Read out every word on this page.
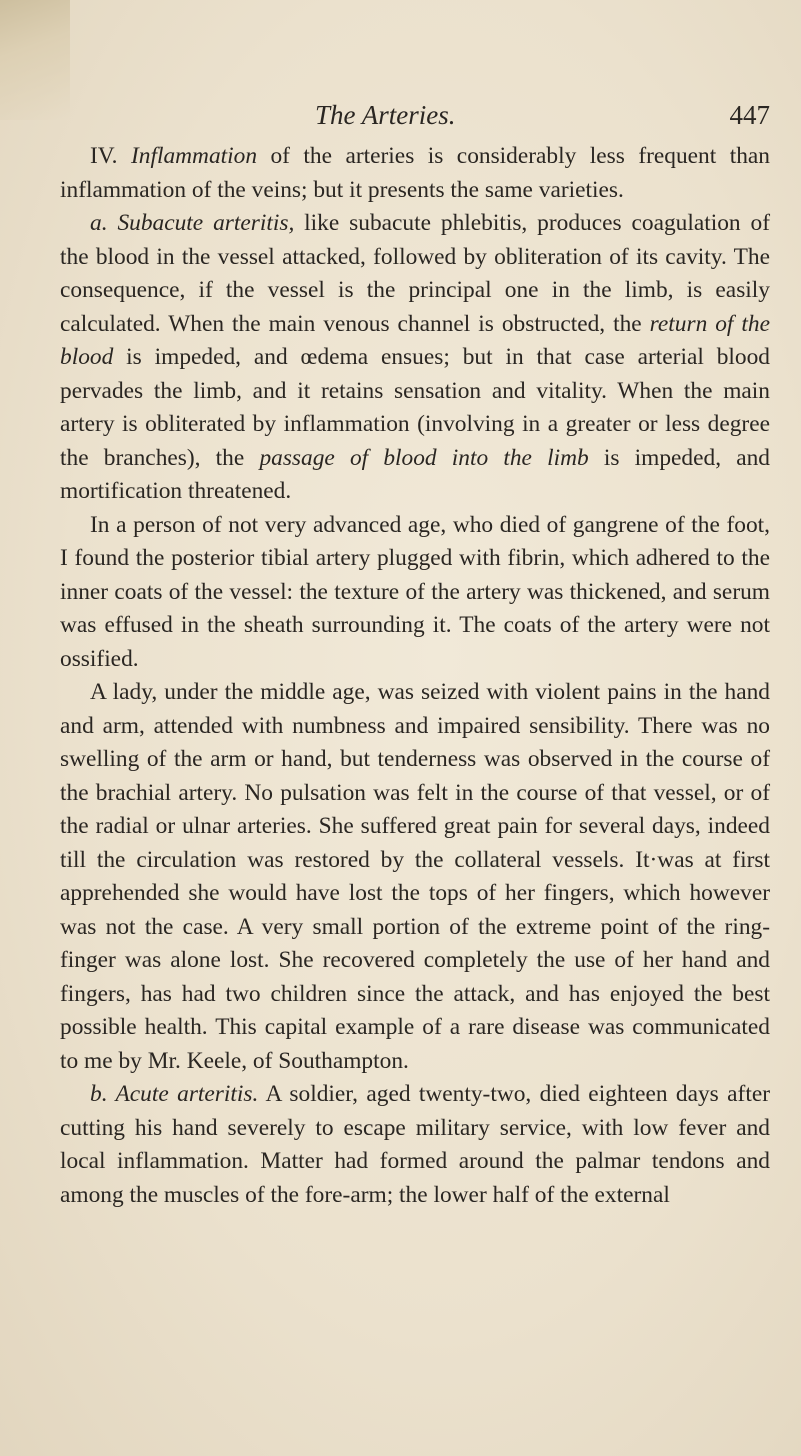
The Arteries.	447

IV. Inflammation of the arteries is considerably less frequent than inflammation of the veins; but it presents the same varieties.

a. Subacute arteritis, like subacute phlebitis, produces coagulation of the blood in the vessel attacked, followed by obliteration of its cavity. The consequence, if the vessel is the principal one in the limb, is easily calculated. When the main venous channel is obstructed, the return of the blood is impeded, and œdema ensues; but in that case arterial blood pervades the limb, and it retains sensation and vitality. When the main artery is obliterated by inflammation (involving in a greater or less degree the branches), the passage of blood into the limb is impeded, and mortification threatened.

In a person of not very advanced age, who died of gangrene of the foot, I found the posterior tibial artery plugged with fibrin, which adhered to the inner coats of the vessel: the texture of the artery was thickened, and serum was effused in the sheath surrounding it. The coats of the artery were not ossified.

A lady, under the middle age, was seized with violent pains in the hand and arm, attended with numbness and impaired sensibility. There was no swelling of the arm or hand, but tenderness was observed in the course of the brachial artery. No pulsation was felt in the course of that vessel, or of the radial or ulnar arteries. She suffered great pain for several days, indeed till the circulation was restored by the collateral vessels. It·was at first apprehended she would have lost the tops of her fingers, which however was not the case. A very small portion of the extreme point of the ring-finger was alone lost. She recovered completely the use of her hand and fingers, has had two children since the attack, and has enjoyed the best possible health. This capital example of a rare disease was communicated to me by Mr. Keele, of Southampton.

b. Acute arteritis. A soldier, aged twenty-two, died eighteen days after cutting his hand severely to escape military service, with low fever and local inflammation. Matter had formed around the palmar tendons and among the muscles of the fore-arm; the lower half of the external
